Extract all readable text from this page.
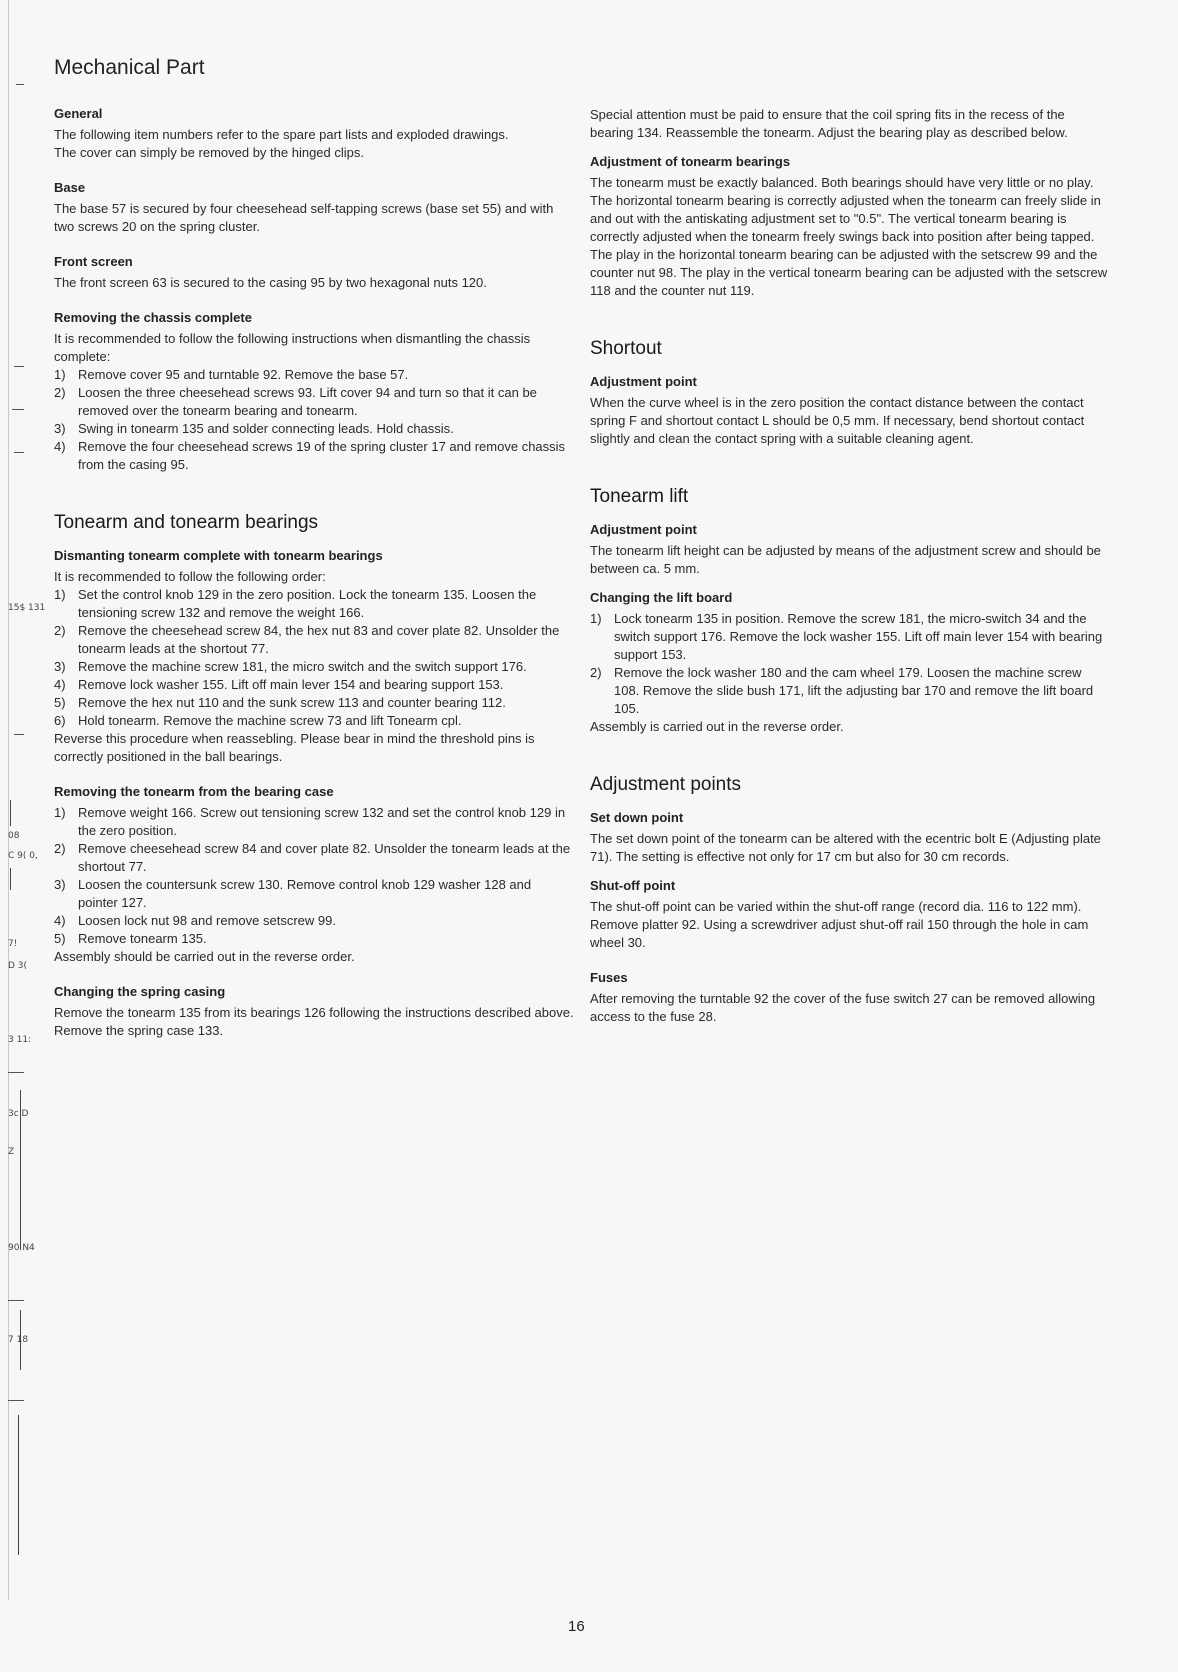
15$ 131
08
C 9( 0,
7!
D 3(
3 11:
3c D
Z
90 N4
7 18
Mechanical Part
General

The following item numbers refer to the spare part lists and exploded drawings.

The cover can simply be removed by the hinged clips.

Base

The base 57 is secured by four cheesehead self-tapping screws (base set 55) and with two screws 20 on the spring cluster.

Front screen

The front screen 63 is secured to the casing 95 by two hexagonal nuts 120.

Removing the chassis complete

It is recommended to follow the following instructions when dismantling the chassis complete:

1) Remove cover 95 and turntable 92. Remove the base 57.
2) Loosen the three cheesehead screws 93. Lift cover 94 and turn so that it can be removed over the tonearm bearing and tonearm.
3) Swing in tonearm 135 and solder connecting leads. Hold chassis.
4) Remove the four cheesehead screws 19 of the spring cluster 17 and remove chassis from the casing 95.
Tonearm and tonearm bearings
Dismanting tonearm complete with tonearm bearings

It is recommended to follow the following order:

1) Set the control knob 129 in the zero position. Lock the tonearm 135. Loosen the tensioning screw 132 and remove the weight 166.
2) Remove the cheesehead screw 84, the hex nut 83 and cover plate 82. Unsolder the tonearm leads at the shortout 77.
3) Remove the machine screw 181, the micro switch and the switch support 176.
4) Remove lock washer 155. Lift off main lever 154 and bearing support 153.
5) Remove the hex nut 110 and the sunk screw 113 and counter bearing 112.
6) Hold tonearm. Remove the machine screw 73 and lift Tonearm cpl.

Reverse this procedure when reassebling. Please bear in mind the threshold pins is correctly positioned in the ball bearings.

Removing the tonearm from the bearing case
1) Remove weight 166. Screw out tensioning screw 132 and set the control knob 129 in the zero position.
2) Remove cheesehead screw 84 and cover plate 82. Unsolder the tonearm leads at the shortout 77.
3) Loosen the countersunk screw 130. Remove control knob 129 washer 128 and pointer 127.
4) Loosen lock nut 98 and remove setscrew 99.
5) Remove tonearm 135.

Assembly should be carried out in the reverse order.

Changing the spring casing

Remove the tonearm 135 from its bearings 126 following the instructions described above. Remove the spring case 133.

Special attention must be paid to ensure that the coil spring fits in the recess of the bearing 134. Reassemble the tonearm. Adjust the bearing play as described below.

Adjustment of tonearm bearings

The tonearm must be exactly balanced. Both bearings should have very little or no play. The horizontal tonearm bearing is correctly adjusted when the tonearm can freely slide in and out with the antiskating adjustment set to "0.5". The vertical tonearm bearing is correctly adjusted when the tonearm freely swings back into position after being tapped. The play in the horizontal tonearm bearing can be adjusted with the setscrew 99 and the counter nut 98. The play in the vertical tonearm bearing can be adjusted with the setscrew 118 and the counter nut 119.

Shortout
Adjustment point

When the curve wheel is in the zero position the contact distance between the contact spring F and shortout contact L should be 0,5 mm. If necessary, bend shortout contact slightly and clean the contact spring with a suitable cleaning agent.

Tonearm lift
Adjustment point

The tonearm lift height can be adjusted by means of the adjustment screw and should be between ca. 5 mm.

Changing the lift board
1) Lock tonearm 135 in position. Remove the screw 181, the micro-switch 34 and the switch support 176. Remove the lock washer 155. Lift off main lever 154 with bearing support 153.
2) Remove the lock washer 180 and the cam wheel 179. Loosen the machine screw 108. Remove the slide bush 171, lift the adjusting bar 170 and remove the lift board 105.

Assembly is carried out in the reverse order.

Adjustment points
Set down point

The set down point of the tonearm can be altered with the ecentric bolt E (Adjusting plate 71). The setting is effective not only for 17 cm but also for 30 cm records.

Shut-off point

The shut-off point can be varied within the shut-off range (record dia. 116 to 122 mm).

Remove platter 92. Using a screwdriver adjust shut-off rail 150 through the hole in cam wheel 30.

Fuses

After removing the turntable 92 the cover of the fuse switch 27 can be removed allowing access to the fuse 28.

16
